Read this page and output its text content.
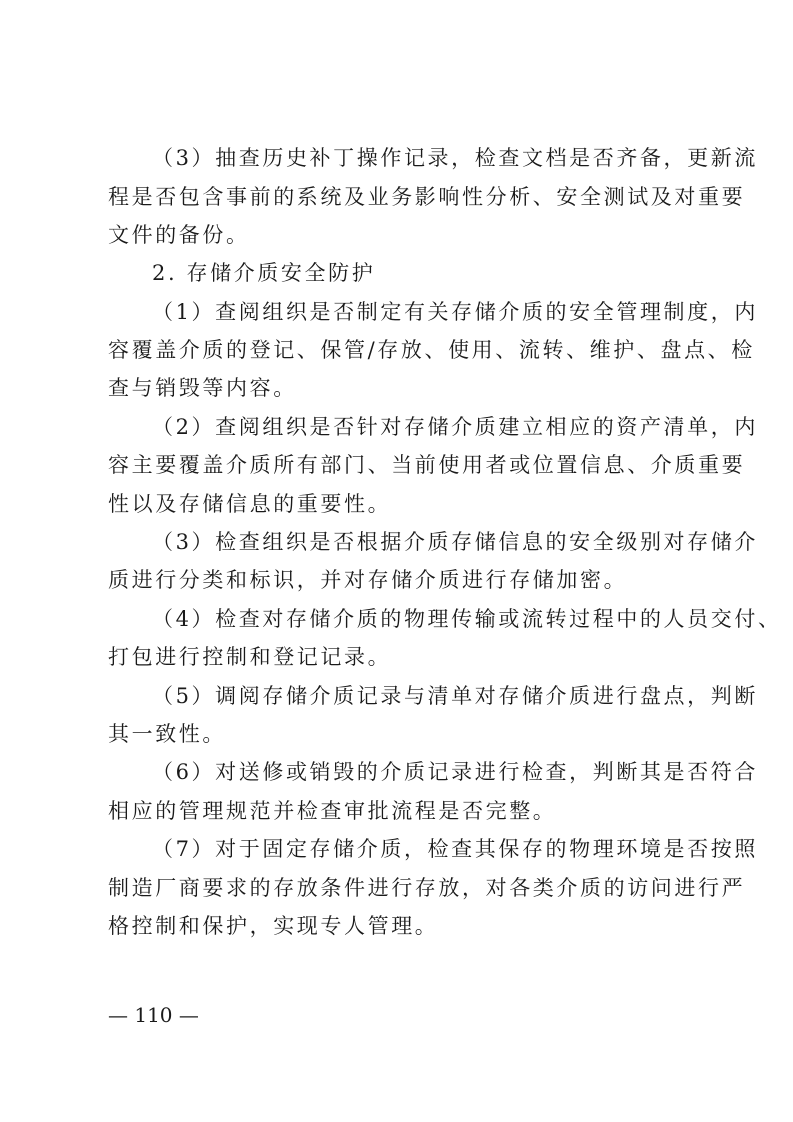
（3）抽查历史补丁操作记录，检查文档是否齐备，更新流
程是否包含事前的系统及业务影响性分析、安全测试及对重要
文件的备份。
2. 存储介质安全防护
（1）查阅组织是否制定有关存储介质的安全管理制度，内
容覆盖介质的登记、保管/存放、使用、流转、维护、盘点、检
查与销毁等内容。
（2）查阅组织是否针对存储介质建立相应的资产清单，内
容主要覆盖介质所有部门、当前使用者或位置信息、介质重要
性以及存储信息的重要性。
（3）检查组织是否根据介质存储信息的安全级别对存储介
质进行分类和标识，并对存储介质进行存储加密。
（4）检查对存储介质的物理传输或流转过程中的人员交付、
打包进行控制和登记记录。
（5）调阅存储介质记录与清单对存储介质进行盘点，判断
其一致性。
（6）对送修或销毁的介质记录进行检查，判断其是否符合
相应的管理规范并检查审批流程是否完整。
（7）对于固定存储介质，检查其保存的物理环境是否按照
制造厂商要求的存放条件进行存放，对各类介质的访问进行严
格控制和保护，实现专人管理。
— 110 —
